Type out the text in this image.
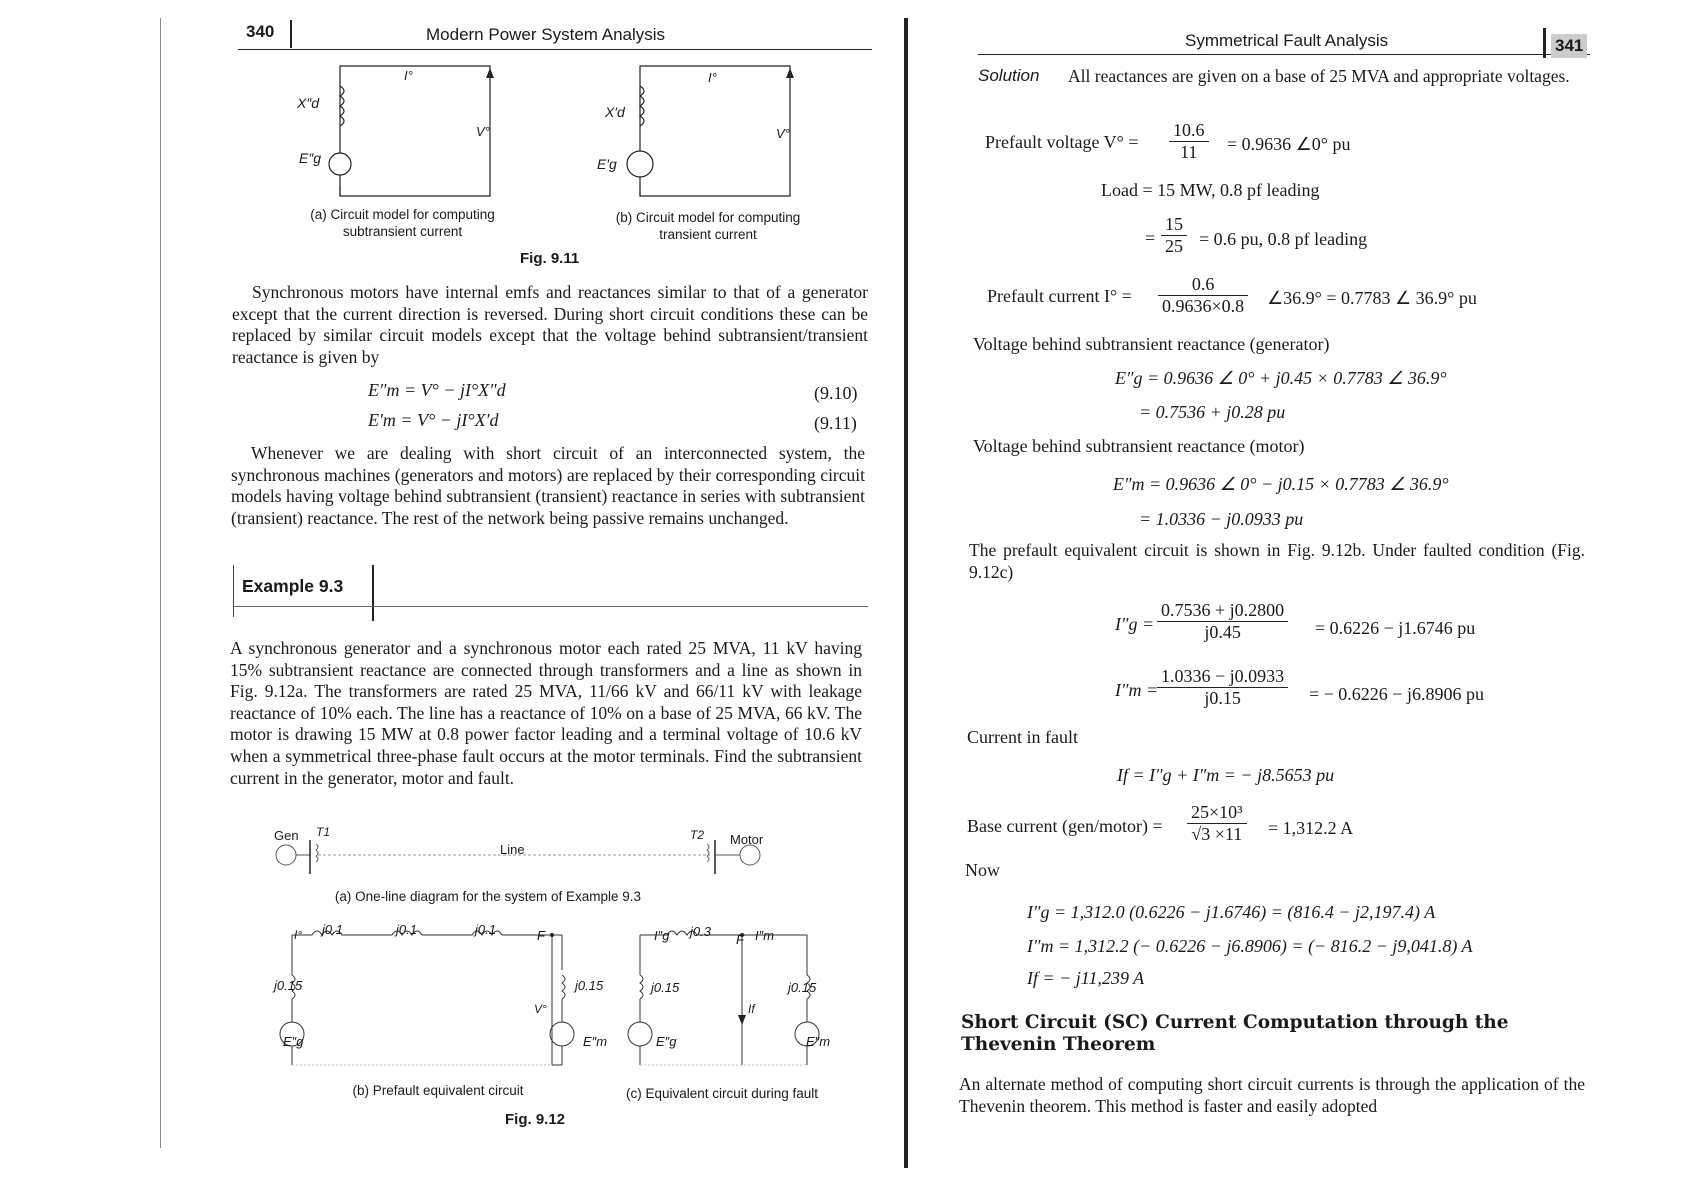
340	Modern Power System Analysis
X″d
E″g
I°
V°
X′d
E′g
I°
V°
(a) Circuit model for computing subtransient current
(b) Circuit model for computing transient current
Fig. 9.11
Synchronous motors have internal emfs and reactances similar to that of a generator except that the current direction is reversed. During short circuit conditions these can be replaced by similar circuit models except that the voltage behind subtransient/transient reactance is given by
E″m = V° − jI°X″d	(9.10)
E′m = V° − jI°X′d	(9.11)
Whenever we are dealing with short circuit of an interconnected system, the synchronous machines (generators and motors) are replaced by their corresponding circuit models having voltage behind subtransient (transient) reactance in series with subtransient (transient) reactance. The rest of the network being passive remains unchanged.
Example 9.3
A synchronous generator and a synchronous motor each rated 25 MVA, 11 kV having 15% subtransient reactance are connected through transformers and a line as shown in Fig. 9.12a. The transformers are rated 25 MVA, 11/66 kV and 66/11 kV with leakage reactance of 10% each. The line has a reactance of 10% on a base of 25 MVA, 66 kV. The motor is drawing 15 MW at 0.8 power factor leading and a terminal voltage of 10.6 kV when a symmetrical three-phase fault occurs at the motor terminals. Find the subtransient current in the generator, motor and fault.
Gen T1
Line
T2 Motor
(a) One-line diagram for the system of Example 9.3
j0.1	j0.1	j0.1
I°	F
j0.15	j0.15
V°
E″g	E″m
I″g j0.3
F I″m
j0.15	j0.15
If
E″g	E″m
(b) Prefault equivalent circuit	(c) Equivalent circuit during fault
Fig. 9.12
Symmetrical Fault Analysis	341
Solution	All reactances are given on a base of 25 MVA and appropriate voltages.
Prefault voltage $V^\circ = \frac{10.6}{11} = 0.9636$ ∠0° pu
Load = 15 MW, 0.8 pf leading
= $\frac{15}{25} = 0.6$ pu, 0.8 pf leading
Prefault current $I^\circ = \frac{0.6}{0.9636\times 0.8}$ ∠36.9° = 0.7783 ∠ 36.9° pu
Voltage behind subtransient reactance (generator)
E″g = 0.9636 ∠ 0° + j0.45 × 0.7783 ∠ 36.9°
= 0.7536 + j0.28 pu
Voltage behind subtransient reactance (motor)
E″m = 0.9636 ∠ 0° − j0.15 × 0.7783 ∠ 36.9°
= 1.0336 − j0.0933 pu
The prefault equivalent circuit is shown in Fig. 9.12b. Under faulted condition (Fig. 9.12c)
$I''g = \frac{0.7536 + j0.2800}{j0.45} = 0.6226 - j1.6746$ pu
I″m =
$\frac{1.0336 - j0.0933}{j0.15}$ = − 0.6226 − j6.8906 pu
Current in fault
If = I″g + I″m = − j8.5653 pu
Base current (gen/motor) = $\frac{\text{25×10³}}{√3 \times 11} = 1,312.2$ A
Now
I″g = 1,312.0 (0.6226 − j1.6746) = (816.4 − j2,197.4) A
I″m = 1,312.2 (− 0.6226 − j6.8906) = (− 816.2 − j9,041.8) A
If = − j11,239 A
Short Circuit (SC) Current Computation through the Thevenin Theorem
An alternate method of computing short circuit currents is through the application of the Thevenin theorem. This method is faster and easily adopted
